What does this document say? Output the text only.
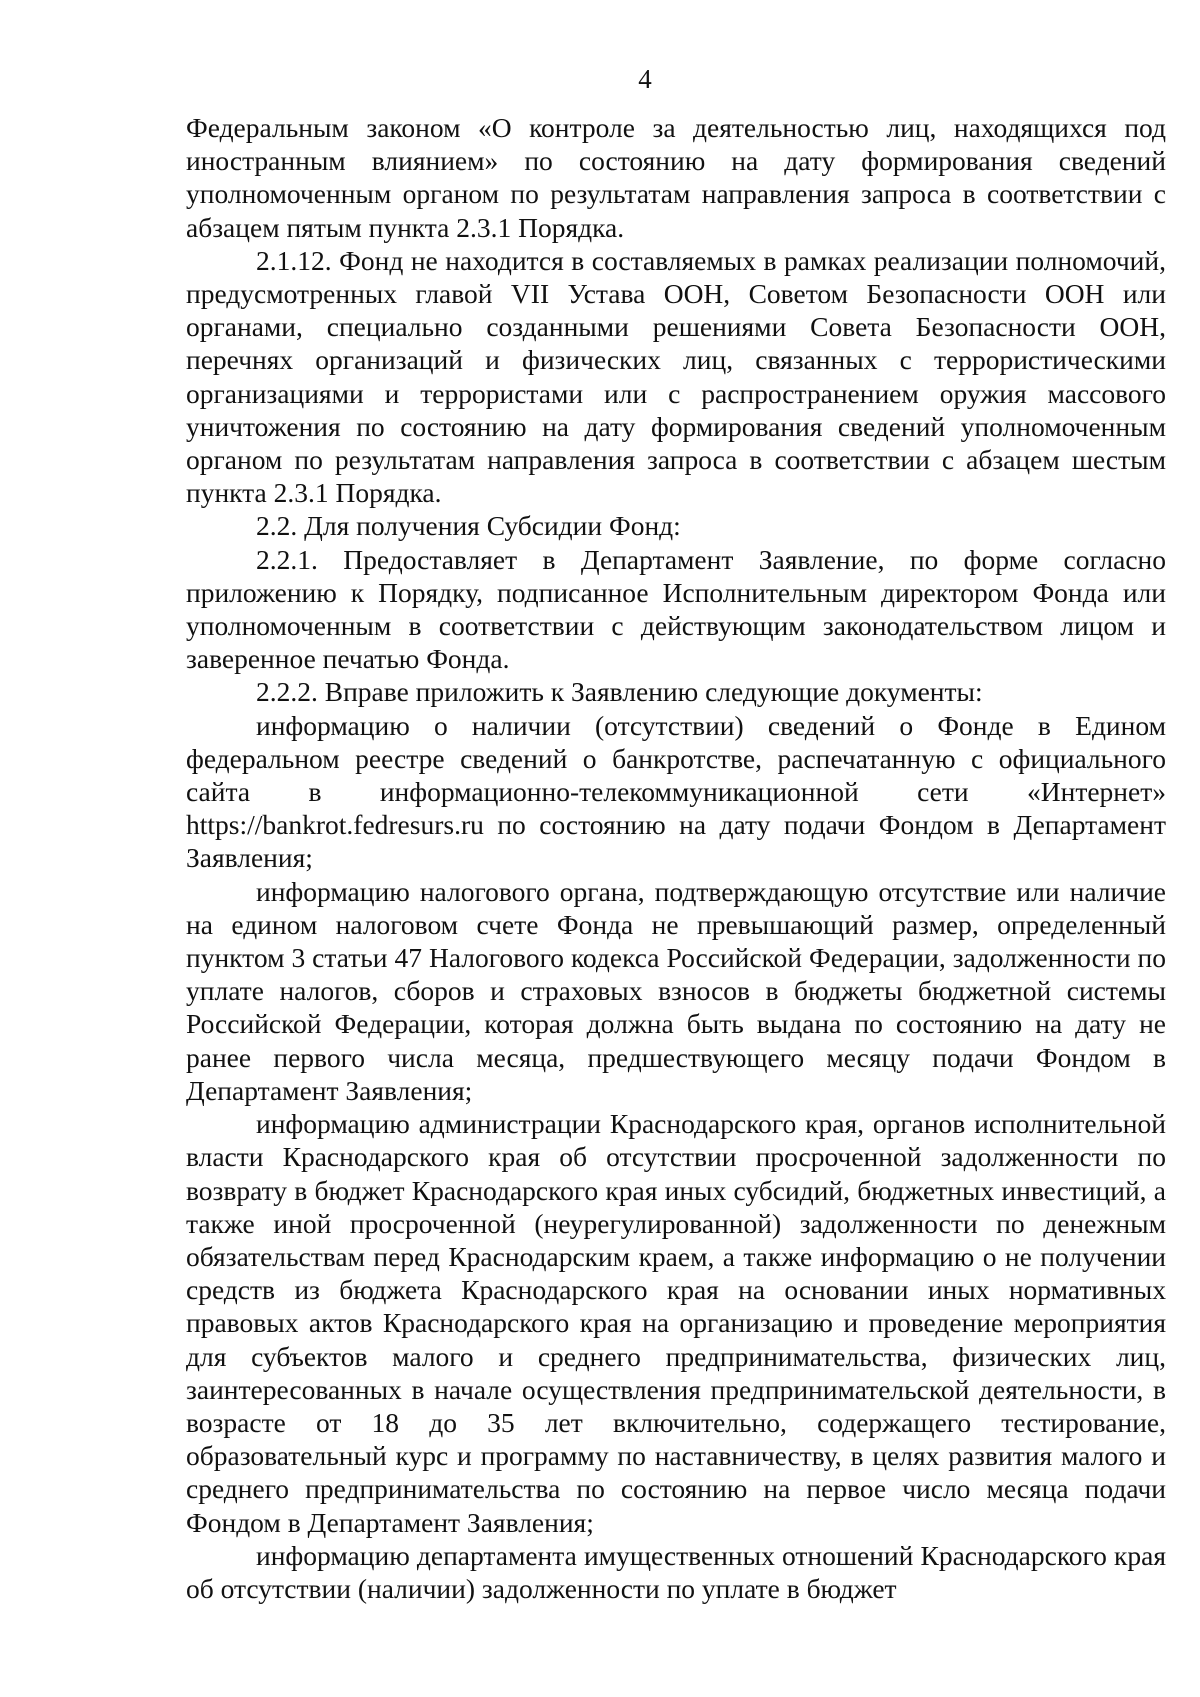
4

Федеральным законом «О контроле за деятельностью лиц, находящихся под иностранным влиянием» по состоянию на дату формирования сведений уполномоченным органом по результатам направления запроса в соответствии с абзацем пятым пункта 2.3.1 Порядка.

2.1.12. Фонд не находится в составляемых в рамках реализации полномочий, предусмотренных главой VII Устава ООН, Советом Безопасности ООН или органами, специально созданными решениями Совета Безопасности ООН, перечнях организаций и физических лиц, связанных с террористическими организациями и террористами или с распространением оружия массового уничтожения по состоянию на дату формирования сведений уполномоченным органом по результатам направления запроса в соответствии с абзацем шестым пункта 2.3.1 Порядка.

2.2. Для получения Субсидии Фонд:

2.2.1. Предоставляет в Департамент Заявление, по форме согласно приложению к Порядку, подписанное Исполнительным директором Фонда или уполномоченным в соответствии с действующим законодательством лицом и заверенное печатью Фонда.

2.2.2. Вправе приложить к Заявлению следующие документы:

информацию о наличии (отсутствии) сведений о Фонде в Едином федеральном реестре сведений о банкротстве, распечатанную с официального сайта в информационно-телекоммуникационной сети «Интернет» https://bankrot.fedresurs.ru по состоянию на дату подачи Фондом в Департамент Заявления;

информацию налогового органа, подтверждающую отсутствие или наличие на едином налоговом счете Фонда не превышающий размер, определенный пунктом 3 статьи 47 Налогового кодекса Российской Федерации, задолженности по уплате налогов, сборов и страховых взносов в бюджеты бюджетной системы Российской Федерации, которая должна быть выдана по состоянию на дату не ранее первого числа месяца, предшествующего месяцу подачи Фондом в Департамент Заявления;

информацию администрации Краснодарского края, органов исполнительной власти Краснодарского края об отсутствии просроченной задолженности по возврату в бюджет Краснодарского края иных субсидий, бюджетных инвестиций, а также иной просроченной (неурегулированной) задолженности по денежным обязательствам перед Краснодарским краем, а также информацию о не получении средств из бюджета Краснодарского края на основании иных нормативных правовых актов Краснодарского края на организацию и проведение мероприятия для субъектов малого и среднего предпринимательства, физических лиц, заинтересованных в начале осуществления предпринимательской деятельности, в возрасте от 18 до 35 лет включительно, содержащего тестирование, образовательный курс и программу по наставничеству, в целях развития малого и среднего предпринимательства по состоянию на первое число месяца подачи Фондом в Департамент Заявления;

информацию департамента имущественных отношений Краснодарского края об отсутствии (наличии) задолженности по уплате в бюджет
